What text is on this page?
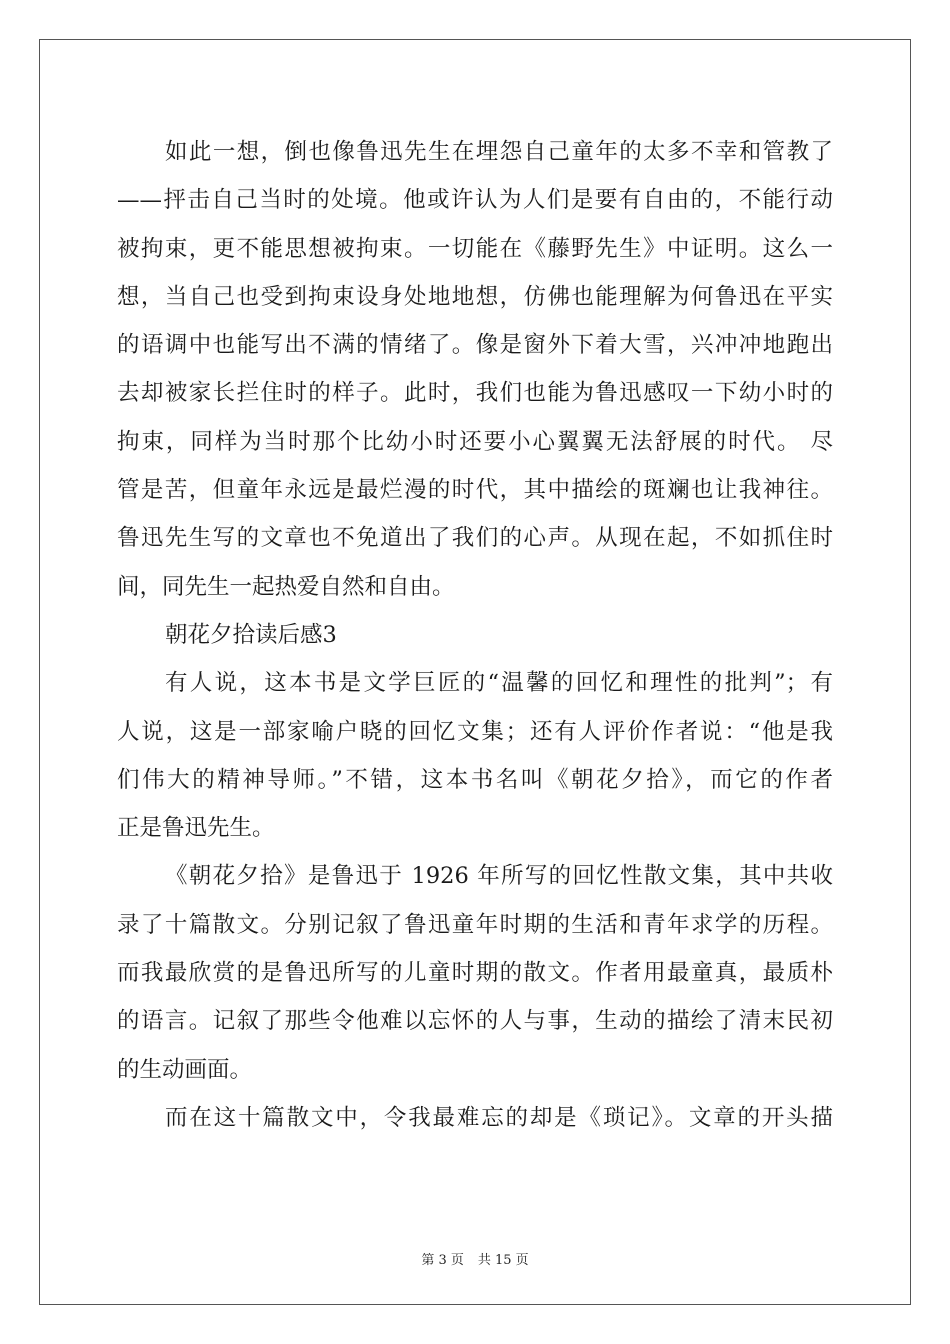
如此一想，倒也像鲁迅先生在埋怨自己童年的太多不幸和管教了
——抨击自己当时的处境。他或许认为人们是要有自由的，不能行动
被拘束，更不能思想被拘束。一切能在《藤野先生》中证明。这么一
想，当自己也受到拘束设身处地地想，仿佛也能理解为何鲁迅在平实
的语调中也能写出不满的情绪了。像是窗外下着大雪，兴冲冲地跑出
去却被家长拦住时的样子。此时，我们也能为鲁迅感叹一下幼小时的
拘束，同样为当时那个比幼小时还要小心翼翼无法舒展的时代。 尽
管是苦，但童年永远是最烂漫的时代，其中描绘的斑斓也让我神往。
鲁迅先生写的文章也不免道出了我们的心声。从现在起，不如抓住时
间，同先生一起热爱自然和自由。
朝花夕拾读后感3
有人说，这本书是文学巨匠的“温馨的回忆和理性的批判”；有
人说，这是一部家喻户晓的回忆文集；还有人评价作者说：“他是我
们伟大的精神导师。”不错，这本书名叫《朝花夕拾》，而它的作者
正是鲁迅先生。
《朝花夕拾》是鲁迅于 1926 年所写的回忆性散文集，其中共收
录了十篇散文。分别记叙了鲁迅童年时期的生活和青年求学的历程。
而我最欣赏的是鲁迅所写的儿童时期的散文。作者用最童真，最质朴
的语言。记叙了那些令他难以忘怀的人与事，生动的描绘了清末民初
的生动画面。
而在这十篇散文中，令我最难忘的却是《琐记》。文章的开头描
第 3 页 共 15 页
